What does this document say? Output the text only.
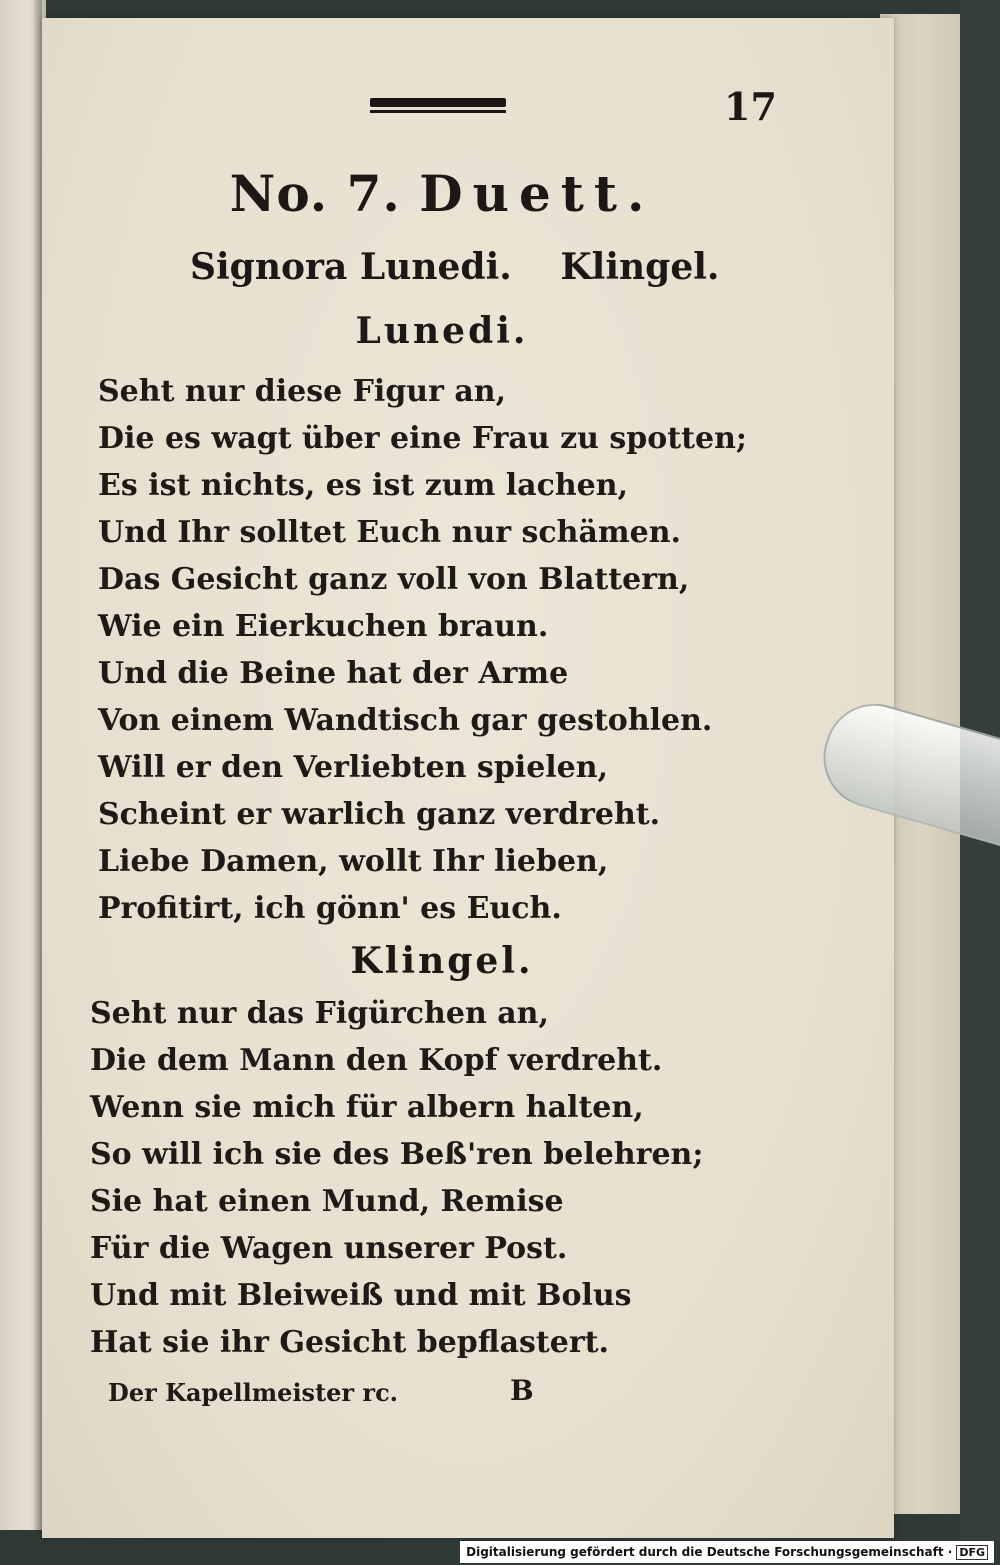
17
No. 7. Duett.
Signora Lunedi. Klingel.
Lunedi.
Seht nur diese Figur an,
Die es wagt über eine Frau zu spotten;
Es ist nichts, es ist zum lachen,
Und Ihr solltet Euch nur schämen.
Das Gesicht ganz voll von Blattern,
Wie ein Eierkuchen braun.
Und die Beine hat der Arme
Von einem Wandtisch gar gestohlen.
Will er den Verliebten spielen,
Scheint er warlich ganz verdreht.
Liebe Damen, wollt Ihr lieben,
Profitirt, ich gönn' es Euch.
Klingel.
Seht nur das Figürchen an,
Die dem Mann den Kopf verdreht.
Wenn sie mich für albern halten,
So will ich sie des Beß'ren belehren;
Sie hat einen Mund, Remise
Für die Wagen unserer Post.
Und mit Bleiweiß und mit Bolus
Hat sie ihr Gesicht bepflastert.
Der Kapellmeister rc.	B
Digitalisierung gefördert durch die Deutsche Forschungsgemeinschaft · DFG
